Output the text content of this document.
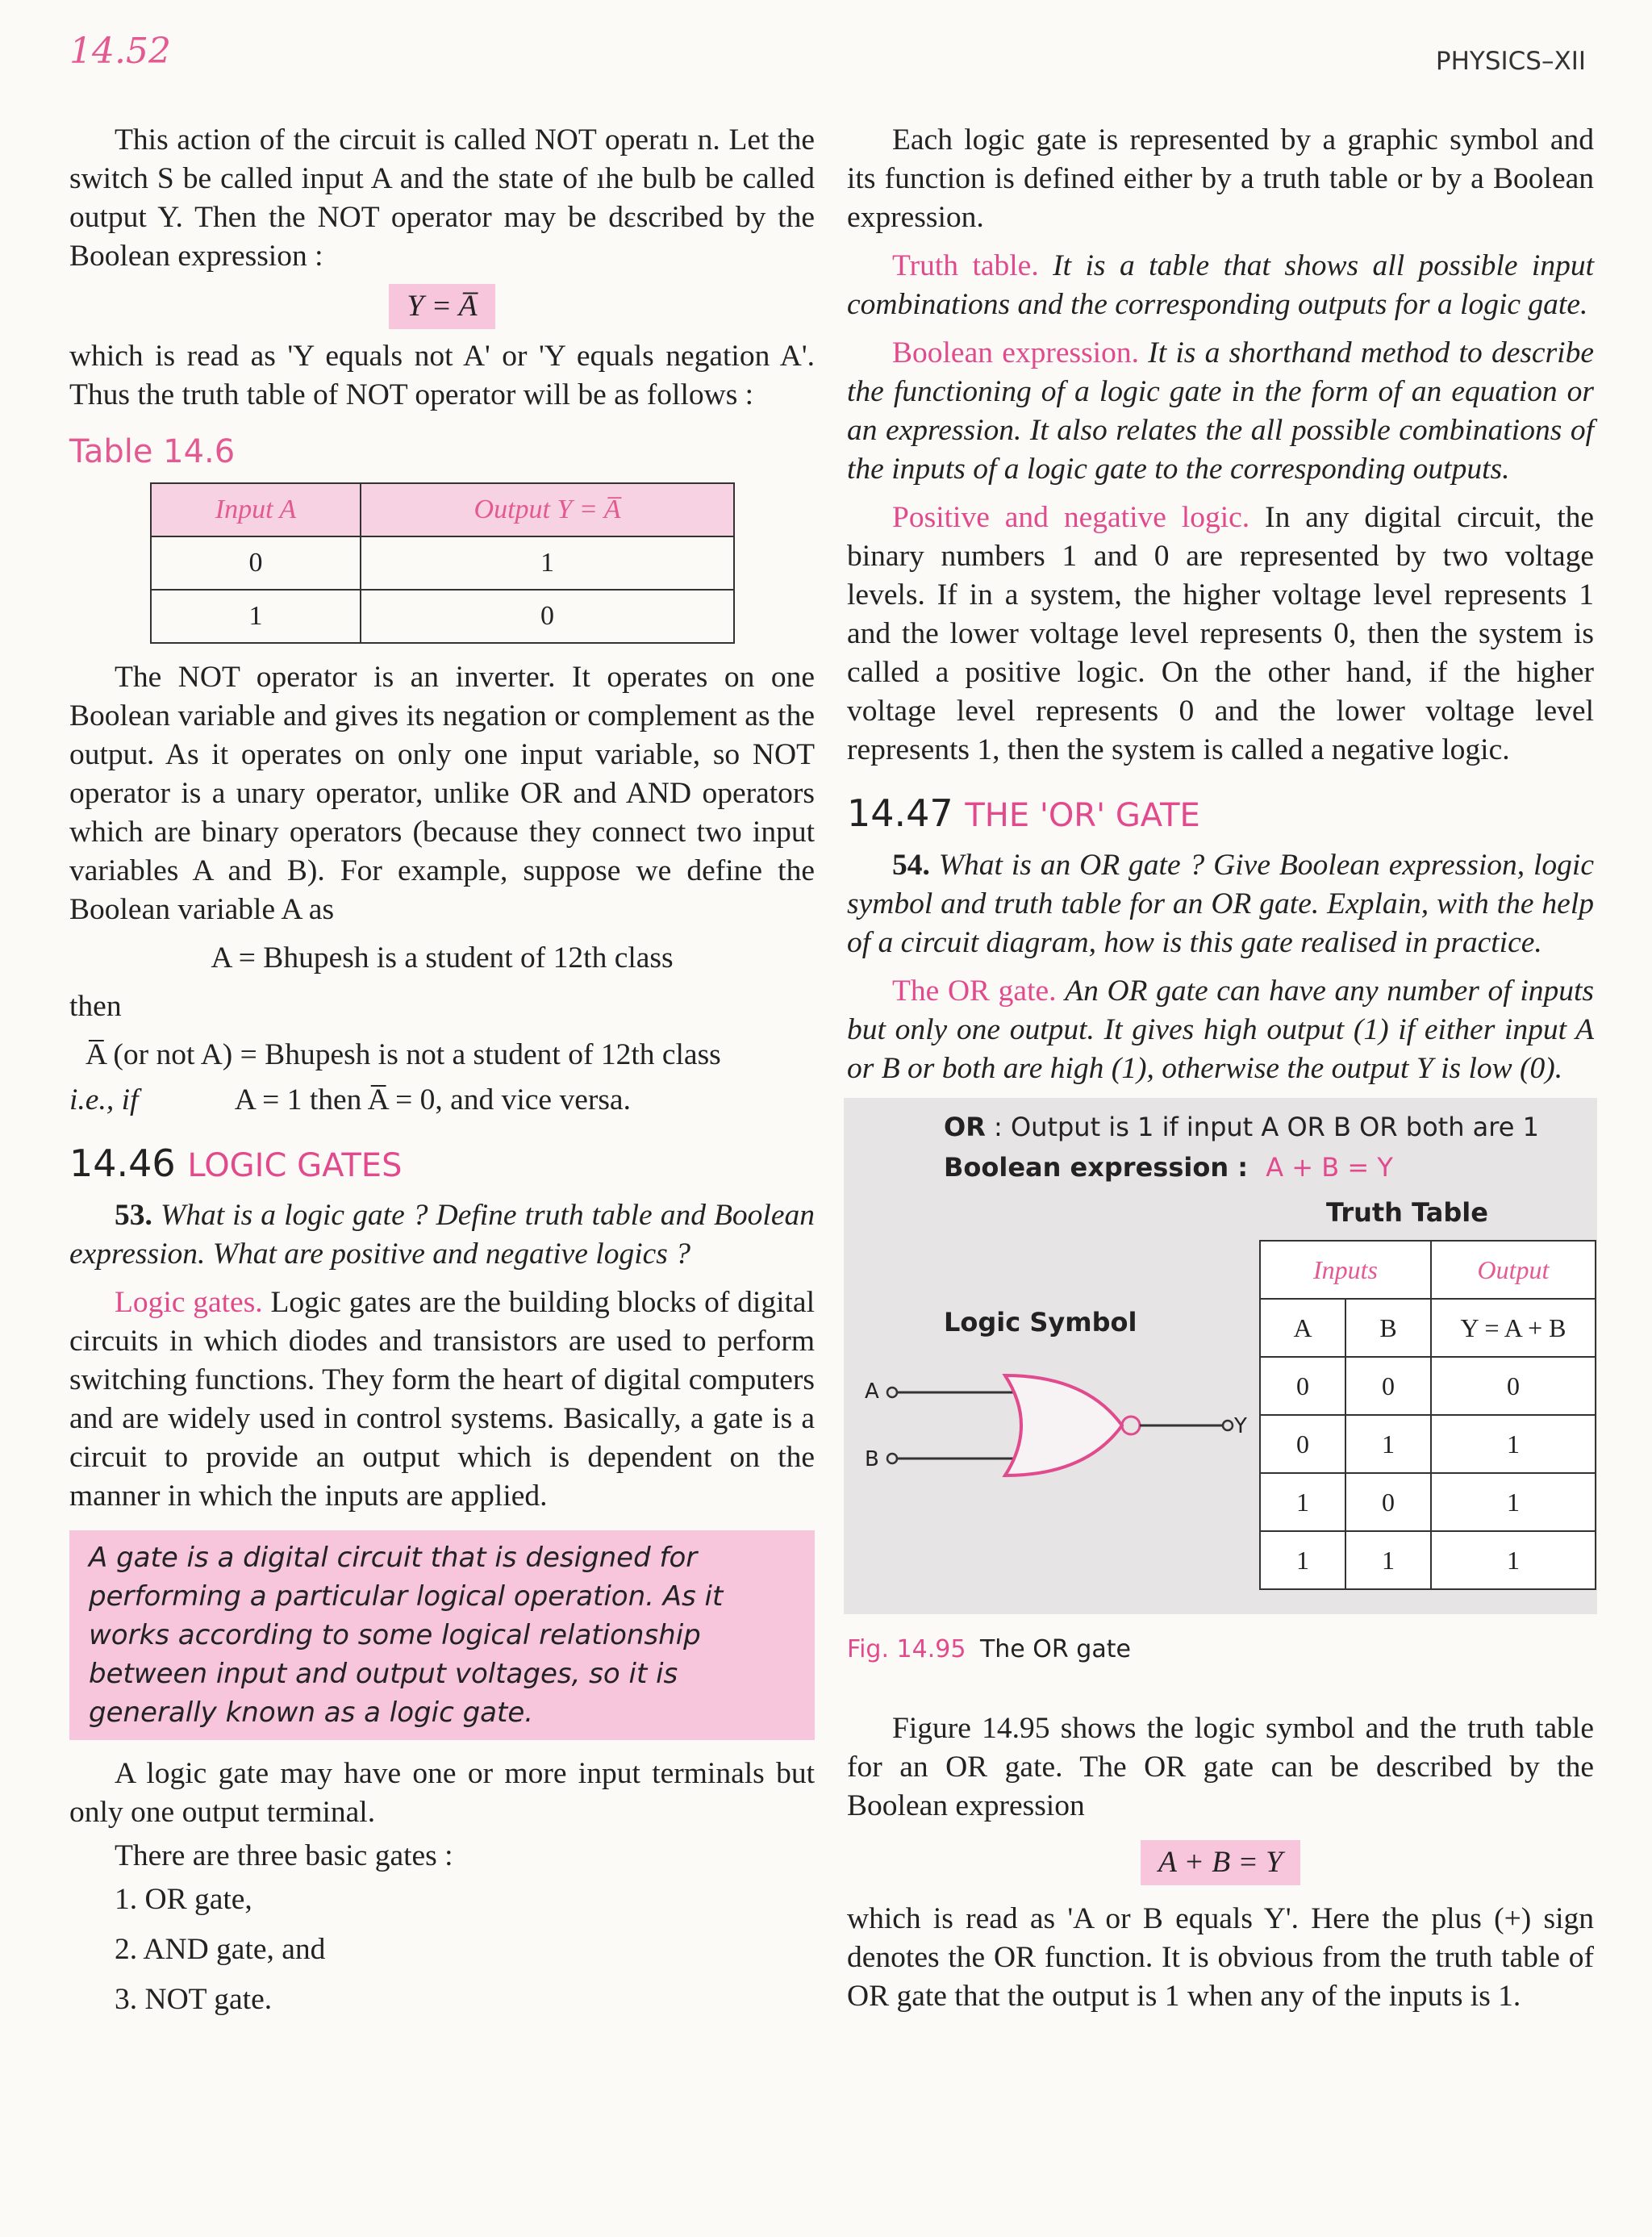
14.52	PHYSICS–XII

This action of the circuit is called NOT operatı n. Let the switch S be called input A and the state of ıhe bulb be called output Y. Then the NOT operator may be dεscribed by the Boolean expression :

Y = A̅

which is read as 'Y equals not A' or 'Y equals negation A'. Thus the truth table of NOT operator will be as follows :

Table 14.6
Input A	Output Y = A̅
0	1
1	0

The NOT operator is an inverter. It operates on one Boolean variable and gives its negation or complement as the output. As it operates on only one input variable, so NOT operator is a unary operator, unlike OR and AND operators which are binary operators (because they connect two input variables A and B). For example, suppose we define the Boolean variable A as

A = Bhupesh is a student of 12th class

then

A̅ (or not A) = Bhupesh is not a student of 12th class

i.e., if	A = 1 then A̅ = 0, and vice versa.

14.46 LOGIC GATES

53. What is a logic gate ? Define truth table and Boolean expression. What are positive and negative logics ?

Logic gates. Logic gates are the building blocks of digital circuits in which diodes and transistors are used to perform switching functions. They form the heart of digital computers and are widely used in control systems. Basically, a gate is a circuit to provide an output which is dependent on the manner in which the inputs are applied.

A gate is a digital circuit that is designed for performing a particular logical operation. As it works according to some logical relationship between input and output voltages, so it is generally known as a logic gate.

A logic gate may have one or more input terminals but only one output terminal.

There are three basic gates :

1. OR gate,
2. AND gate, and
3. NOT gate.

Each logic gate is represented by a graphic symbol and its function is defined either by a truth table or by a Boolean expression.

Truth table. It is a table that shows all possible input combinations and the corresponding outputs for a logic gate.

Boolean expression. It is a shorthand method to describe the functioning of a logic gate in the form of an equation or an expression. It also relates the all possible combinations of the inputs of a logic gate to the corresponding outputs.

Positive and negative logic. In any digital circuit, the binary numbers 1 and 0 are represented by two voltage levels. If in a system, the higher voltage level represents 1 and the lower voltage level represents 0, then the system is called a positive logic. On the other hand, if the higher voltage level represents 0 and the lower voltage level represents 1, then the system is called a negative logic.

14.47 THE 'OR' GATE

54. What is an OR gate ? Give Boolean expression, logic symbol and truth table for an OR gate. Explain, with the help of a circuit diagram, how is this gate realised in practice.

The OR gate. An OR gate can have any number of inputs but only one output. It gives high output (1) if either input A or B or both are high (1), otherwise the output Y is low (0).

OR : Output is 1 if input A OR B OR both are 1
Boolean expression : A + B = Y
Truth Table
Logic Symbol
A
B
Y
Inputs		Output
A	B	Y = A + B
0	0	0
0	1	1
1	0	1
1	1	1
Fig. 14.95 The OR gate

Figure 14.95 shows the logic symbol and the truth table for an OR gate. The OR gate can be described by the Boolean expression

A + B = Y

which is read as 'A or B equals Y'. Here the plus (+) sign denotes the OR function. It is obvious from the truth table of OR gate that the output is 1 when any of the inputs is 1.
